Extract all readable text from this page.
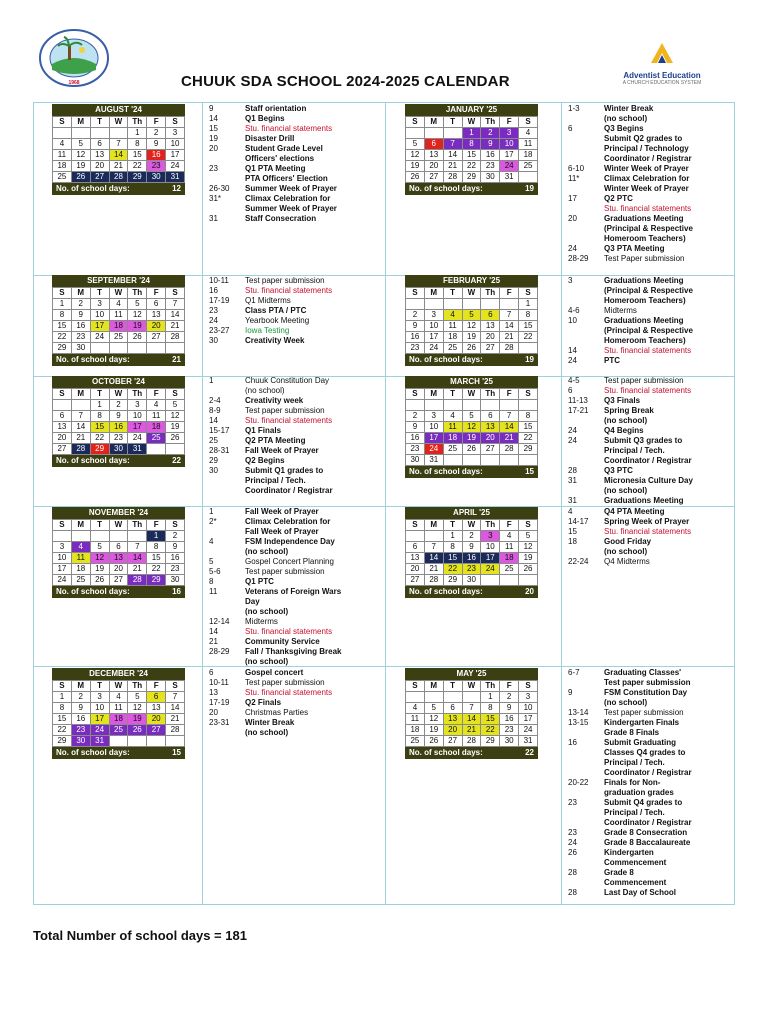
1968
Adventist Education
A CHURCH EDUCATION SYSTEM
CHUUK SDA SCHOOL 2024-2025 CALENDAR
AUGUST '24
S	M	T	W	Th	F	S
				1	2	3
4	5	6	7	8	9	10
11	12	13	14	15	16	17
18	19	20	21	22	23	24
25	26	27	28	29	30	31
No. of school days:	12
SEPTEMBER '24
S	M	T	W	Th	F	S
1	2	3	4	5	6	7
8	9	10	11	12	13	14
15	16	17	18	19	20	21
22	23	24	25	26	27	28
29	30					
No. of school days:	21
OCTOBER '24
S	M	T	W	Th	F	S
		1	2	3	4	5
6	7	8	9	10	11	12
13	14	15	16	17	18	19
20	21	22	23	24	25	26
27	28	29	30	31		
No. of school days:	22
NOVEMBER '24
S	M	T	W	Th	F	S
					1	2
3	4	5	6	7	8	9
10	11	12	13	14	15	16
17	18	19	20	21	22	23
24	25	26	27	28	29	30
No. of school days:	16
DECEMBER '24
S	M	T	W	Th	F	S
1	2	3	4	5	6	7
8	9	10	11	12	13	14
15	16	17	18	19	20	21
22	23	24	25	26	27	28
29	30	31				
No. of school days:	15
JANUARY '25
S	M	T	W	Th	F	S
			1	2	3	4
5	6	7	8	9	10	11
12	13	14	15	16	17	18
19	20	21	22	23	24	25
26	27	28	29	30	31	
No. of school days:	19
FEBRUARY '25
S	M	T	W	Th	F	S
						1
2	3	4	5	6	7	8
9	10	11	12	13	14	15
16	17	18	19	20	21	22
23	24	25	26	27	28	
No. of school days:	19
MARCH '25
S	M	T	W	Th	F	S

2	3	4	5	6	7	8
9	10	11	12	13	14	15
16	17	18	19	20	21	22
23	24	25	26	27	28	29
30	31					
No. of school days:	15
APRIL '25
S	M	T	W	Th	F	S
		1	2	3	4	5
6	7	8	9	10	11	12
13	14	15	16	17	18	19
20	21	22	23	24	25	26
27	28	29	30			
No. of school days:	20
MAY '25
S	M	T	W	Th	F	S
				1	2	3
4	5	6	7	8	9	10
11	12	13	14	15	16	17
18	19	20	21	22	23	24
25	26	27	28	29	30	31
No. of school days:	22
9	Staff orientation
14	Q1 Begins
15	Stu. financial statements
19	Disaster Drill
20	Student Grade Level
Officers' elections
23	Q1 PTA Meeting
PTA Officers' Election
26-30	Summer Week of Prayer
31*	Climax Celebration for
Summer Week of Prayer
31	Staff Consecration
10-11	Test paper submission
16	Stu. financial statements
17-19	Q1 Midterms
23	Class PTA / PTC
24	Yearbook Meeting
23-27	Iowa Testing
30	Creativity Week
1	Chuuk Constitution Day
(no school)
2-4	Creativity week
8-9	Test paper submission
14	Stu. financial statements
15-17	Q1 Finals
25	Q2 PTA Meeting
28-31	Fall Week of Prayer
29	Q2 Begins
30	Submit Q1 grades to
Principal / Tech.
Coordinator / Registrar
1	Fall Week of Prayer
2*	Climax Celebration for
Fall Week of Prayer
4	FSM Independence Day
(no school)
5	Gospel Concert Planning
5-6	Test paper submission
8	Q1 PTC
11	Veterans of Foreign Wars
Day
(no school)
12-14	Midterms
14	Stu. financial statements
21	Community Service
28-29	Fall / Thanksgiving Break
(no school)
6	Gospel concert
10-11	Test paper submission
13	Stu. financial statements
17-19	Q2 Finals
20	Christmas Parties
23-31	Winter Break
(no school)
1-3	Winter Break
(no school)
6	Q3 Begins
Submit Q2 grades to
Principal / Technology
Coordinator / Registrar
6-10	Winter Week of Prayer
11*	Climax Celebration for
Winter Week of Prayer
17	Q2 PTC
Stu. financial statements
20	Graduations Meeting
(Principal & Respective
Homeroom Teachers)
24	Q3 PTA Meeting
28-29	Test Paper submission
3	Graduations Meeting
(Principal & Respective
Homeroom Teachers)
4-6	Midterms
10	Graduations Meeting
(Principal & Respective
Homeroom Teachers)
14	Stu. financial statements
24	PTC
4-5	Test paper submission
6	Stu. financial statements
11-13	Q3 Finals
17-21	Spring Break
(no school)
24	Q4 Begins
24	Submit Q3 grades to
Principal / Tech.
Coordinator / Registrar
28	Q3 PTC
31	Micronesia Culture Day
(no school)
31	Graduations Meeting
4	Q4 PTA Meeting
14-17	Spring Week of Prayer
15	Stu. financial statements
18	Good Friday
(no school)
22-24	Q4 Midterms
6-7	Graduating Classes'
Test paper submission
9	FSM Constitution Day
(no school)
13-14	Test paper submission
13-15	Kindergarten Finals
Grade 8 Finals
16	Submit Graduating
Classes Q4 grades to
Principal / Tech.
Coordinator / Registrar
20-22	Finals for Non-
graduation grades
23	Submit Q4 grades to
Principal / Tech.
Coordinator / Registrar
23	Grade 8 Consecration
24	Grade 8 Baccalaureate
26	Kindergarten
Commencement
28	Grade 8
Commencement
28	Last Day of School
Total Number of school days = 181
